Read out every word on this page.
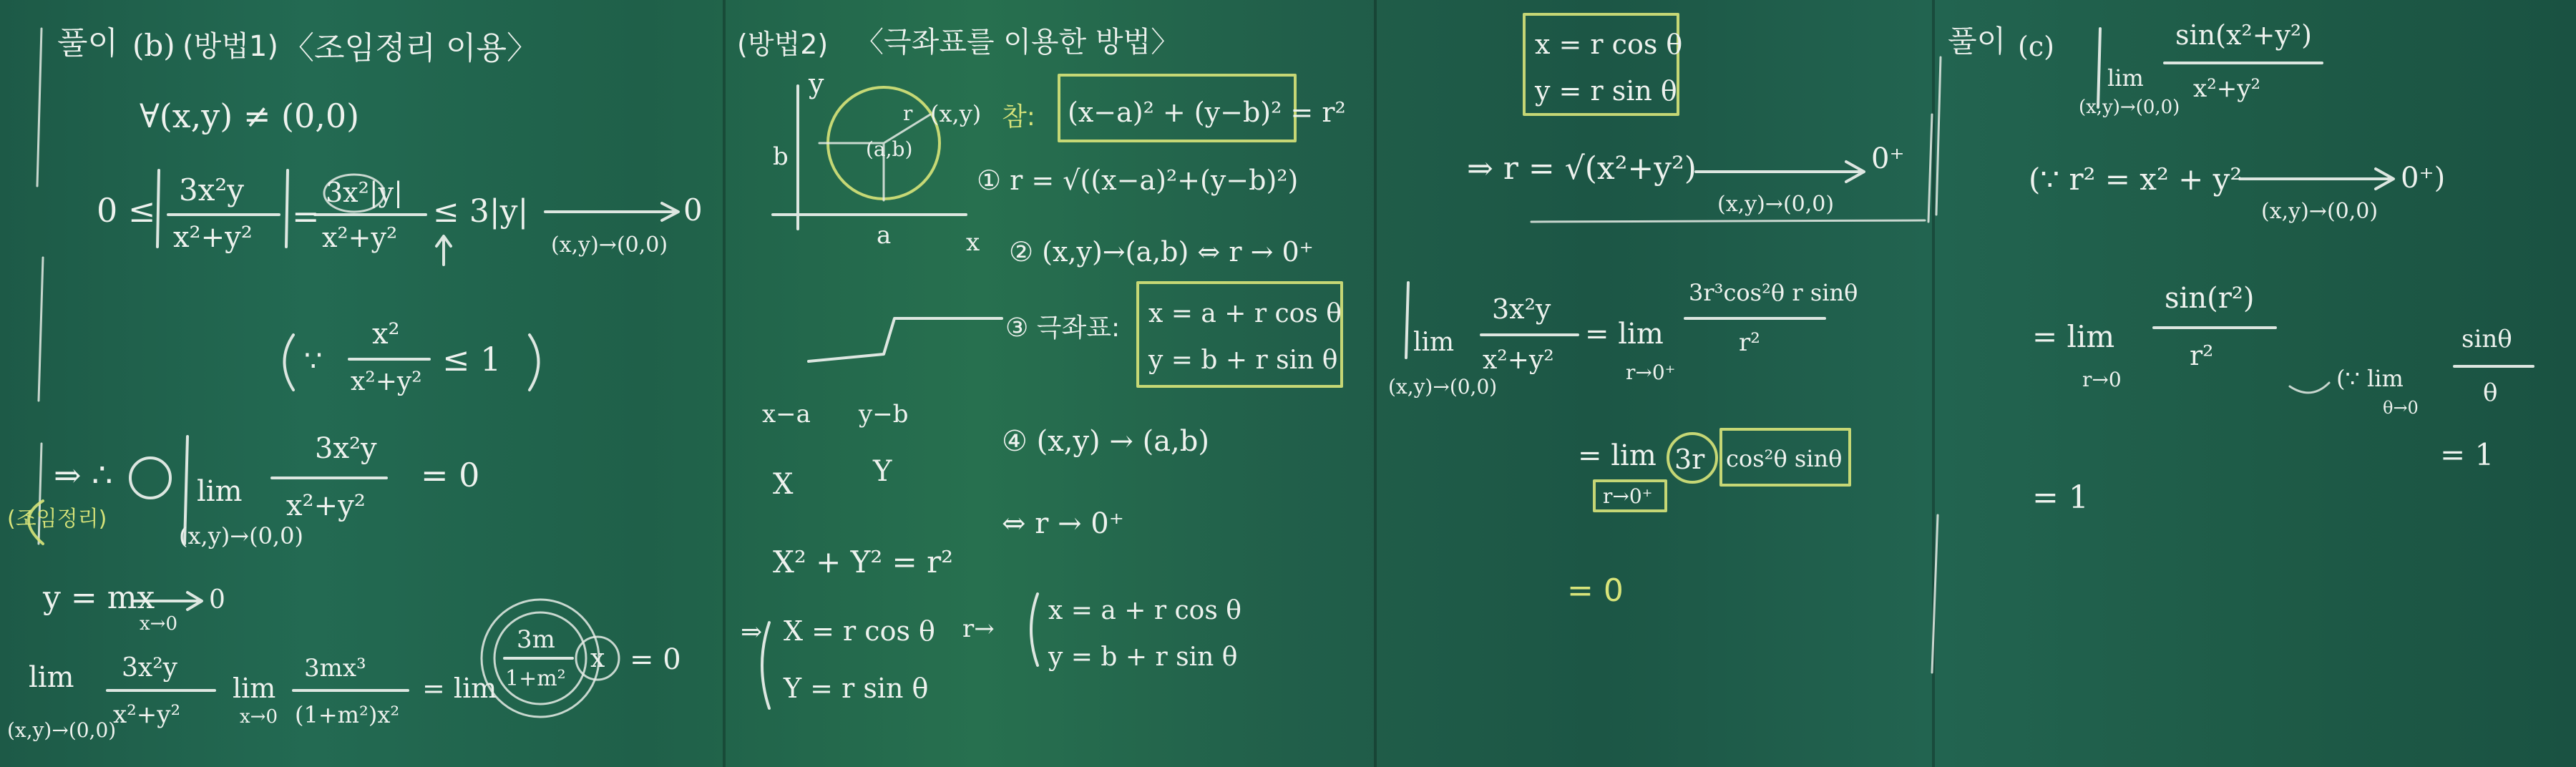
풀이 (b) (방법1) 〈조임정리 이용〉
∀(x,y) ≠ (0,0)
0 ≤
3x²y
x²+y²
=
3x²|y|
x²+y²
≤ 3|y|
(x,y)→(0,0)
0
∵
x²
x²+y²
≤ 1
⇒ ∴	lim
(x,y)→(0,0)
3x²y
x²+y²
= 0
(조임정리)
y = mx
x→0
0
lim
(x,y)→(0,0)
3x²y
x²+y²
lim
x→0
3mx³
(1+m²)x²
= lim
3m
1+m²
x = 0
(방법2) 〈극좌표를 이용한 방법〉
y
b
a	x
(x,y)
(a,b)
r	참: (x−a)² + (y−b)² = r²
① r = √((x−a)²+(y−b)²)
② (x,y)→(a,b) ⇔ r → 0⁺
③ 극좌표: x = a + r cos θ
y = b + r sin θ
x−a y−b
X	Y
X² + Y² = r²
④ (x,y) → (a,b)
⇔ r → 0⁺
⇒ X = r cos θ
Y = r sin θ
r→
x = a + r cos θ
y = b + r sin θ
x = r cos θ
y = r sin θ
⇒ r = √(x²+y²)
(x,y)→(0,0)
0⁺
lim
(x,y)→(0,0)
3x²y
x²+y²
= lim
r→0⁺
3r³cos²θ r sinθ
r²
= lim
r→0⁺
3r cos²θ sinθ
= 0
풀이 (c)
lim
(x,y)→(0,0)
sin(x²+y²)
x²+y²
(∵ r² = x² + y²
(x,y)→(0,0)
0⁺)
= lim
r→0
sin(r²)
r²
(∵ lim
θ→0
sinθ
θ
= 1
= 1
